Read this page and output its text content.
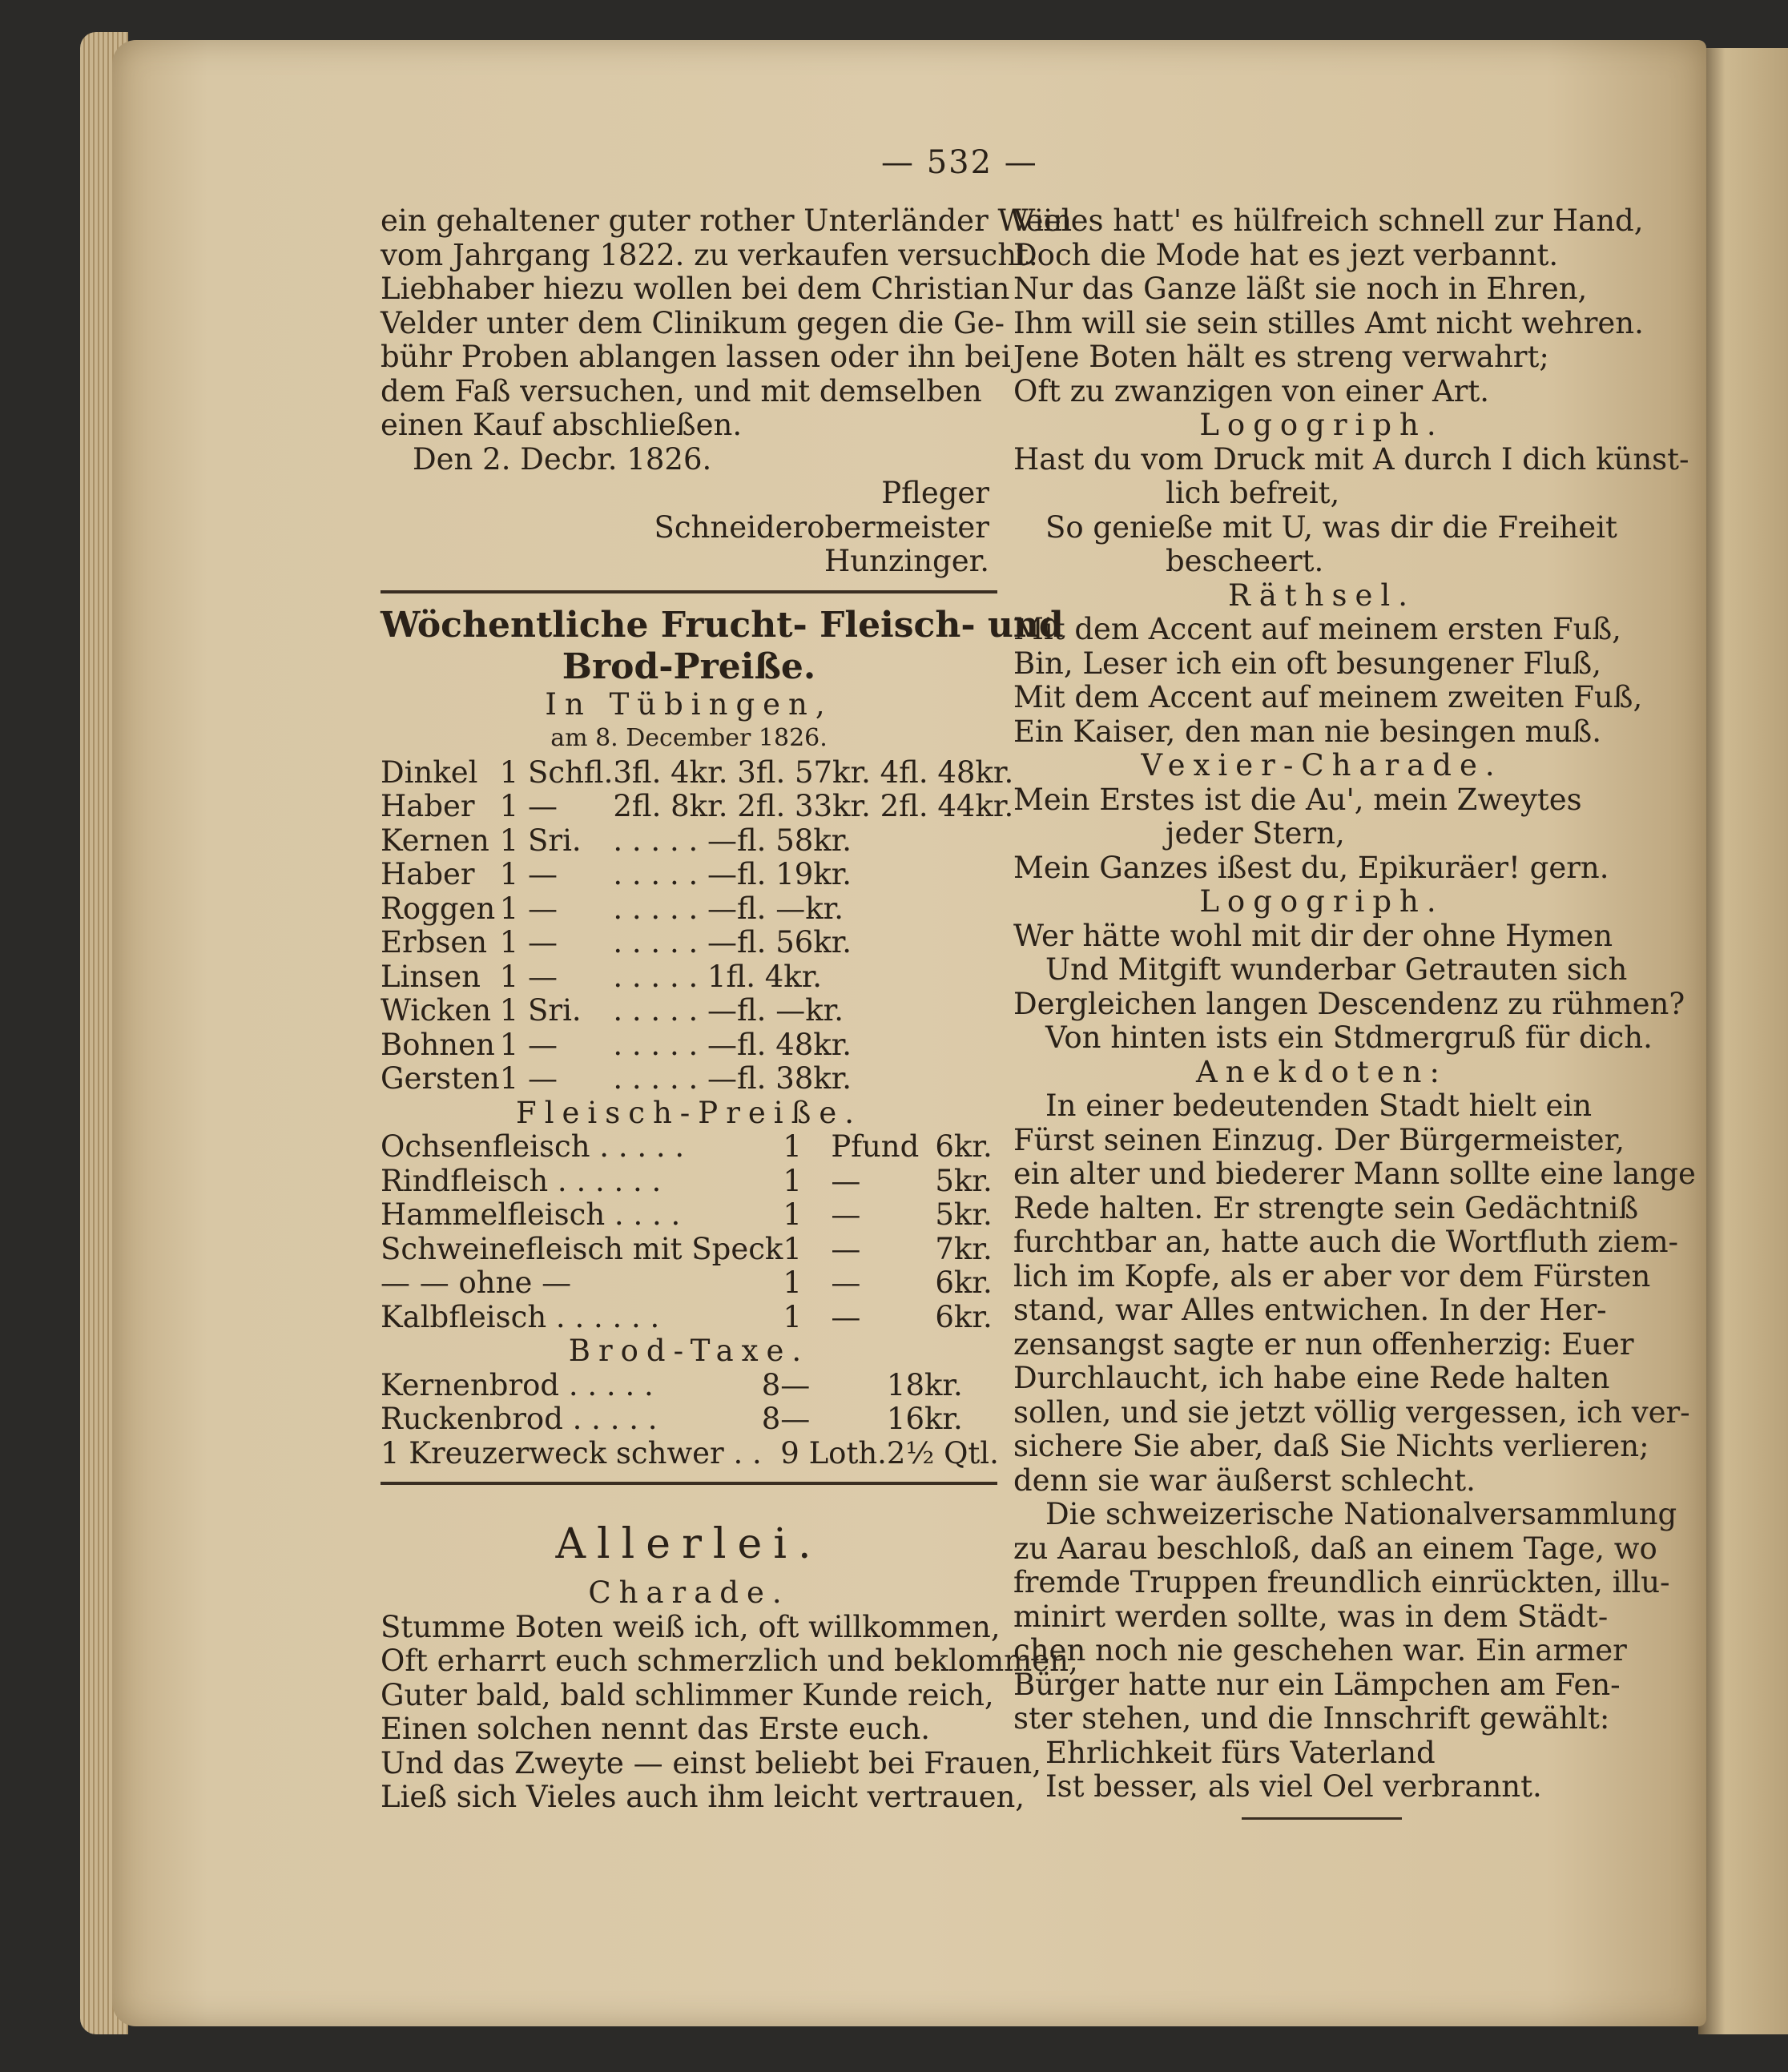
— 532 —
ein gehaltener guter rother Unterländer Wein
vom Jahrgang 1822. zu verkaufen versucht.
Liebhaber hiezu wollen bei dem Christian
Velder unter dem Clinikum gegen die Ge-
bühr Proben ablangen lassen oder ihn bei
dem Faß versuchen, und mit demselben
einen Kauf abschließen.
Den 2. Decbr. 1826.
Pfleger
Schneiderobermeister
Hunzinger.
Wöchentliche Frucht- Fleisch- und
Brod-Preiße.
In Tübingen,
am 8. December 1826.
Dinkel	1 Schfl.	3fl. 4kr. 3fl. 57kr. 4fl. 48kr.
Haber	1 —	2fl. 8kr. 2fl. 33kr. 2fl. 44kr.
Kernen	1 Sri.	. . . . . —fl. 58kr.
Haber	1 —	. . . . . —fl. 19kr.
Roggen	1 —	. . . . . —fl. —kr.
Erbsen	1 —	. . . . . —fl. 56kr.
Linsen	1 —	. . . . . 1fl. 4kr.
Wicken	1 Sri.	. . . . . —fl. —kr.
Bohnen	1 —	. . . . . —fl. 48kr.
Gersten	1 —	. . . . . —fl. 38kr.
Fleisch-Preiße.
Ochsenfleisch . . . . .	1	Pfund	6kr.
Rindfleisch . . . . . .	1	—	5kr.
Hammelfleisch . . . .	1	—	5kr.
Schweinefleisch mit Speck	1	—	7kr.
— — ohne —	1	—	6kr.
Kalbfleisch . . . . . .	1	—	6kr.
Brod-Taxe.
Kernenbrod . . . . .	8	—	18kr.
Ruckenbrod . . . . .	8	—	16kr.
1 Kreuzerweck schwer . .		9 Loth.	2½ Qtl.
Allerlei.
Charade.
Stumme Boten weiß ich, oft willkommen,
Oft erharrt euch schmerzlich und beklommen,
Guter bald, bald schlimmer Kunde reich,
Einen solchen nennt das Erste euch.
Und das Zweyte — einst beliebt bei Frauen,
Ließ sich Vieles auch ihm leicht vertrauen,
Vieles hatt' es hülfreich schnell zur Hand,
Doch die Mode hat es jezt verbannt.
Nur das Ganze läßt sie noch in Ehren,
Ihm will sie sein stilles Amt nicht wehren.
Jene Boten hält es streng verwahrt;
Oft zu zwanzigen von einer Art.
Logogriph.
Hast du vom Druck mit A durch I dich künst-
lich befreit,
So genieße mit U, was dir die Freiheit
bescheert.
Räthsel.
Mit dem Accent auf meinem ersten Fuß,
Bin, Leser ich ein oft besungener Fluß,
Mit dem Accent auf meinem zweiten Fuß,
Ein Kaiser, den man nie besingen muß.
Vexier-Charade.
Mein Erstes ist die Au', mein Zweytes
jeder Stern,
Mein Ganzes ißest du, Epikuräer! gern.
Logogriph.
Wer hätte wohl mit dir der ohne Hymen
Und Mitgift wunderbar Getrauten sich
Dergleichen langen Descendenz zu rühmen?
Von hinten ists ein Stdmergruß für dich.
Anekdoten:
In einer bedeutenden Stadt hielt ein
Fürst seinen Einzug. Der Bürgermeister,
ein alter und biederer Mann sollte eine lange
Rede halten. Er strengte sein Gedächtniß
furchtbar an, hatte auch die Wortfluth ziem-
lich im Kopfe, als er aber vor dem Fürsten
stand, war Alles entwichen. In der Her-
zensangst sagte er nun offenherzig: Euer
Durchlaucht, ich habe eine Rede halten
sollen, und sie jetzt völlig vergessen, ich ver-
sichere Sie aber, daß Sie Nichts verlieren;
denn sie war äußerst schlecht.
Die schweizerische Nationalversammlung
zu Aarau beschloß, daß an einem Tage, wo
fremde Truppen freundlich einrückten, illu-
minirt werden sollte, was in dem Städt-
chen noch nie geschehen war. Ein armer
Bürger hatte nur ein Lämpchen am Fen-
ster stehen, und die Innschrift gewählt:
Ehrlichkeit fürs Vaterland
Ist besser, als viel Oel verbrannt.
